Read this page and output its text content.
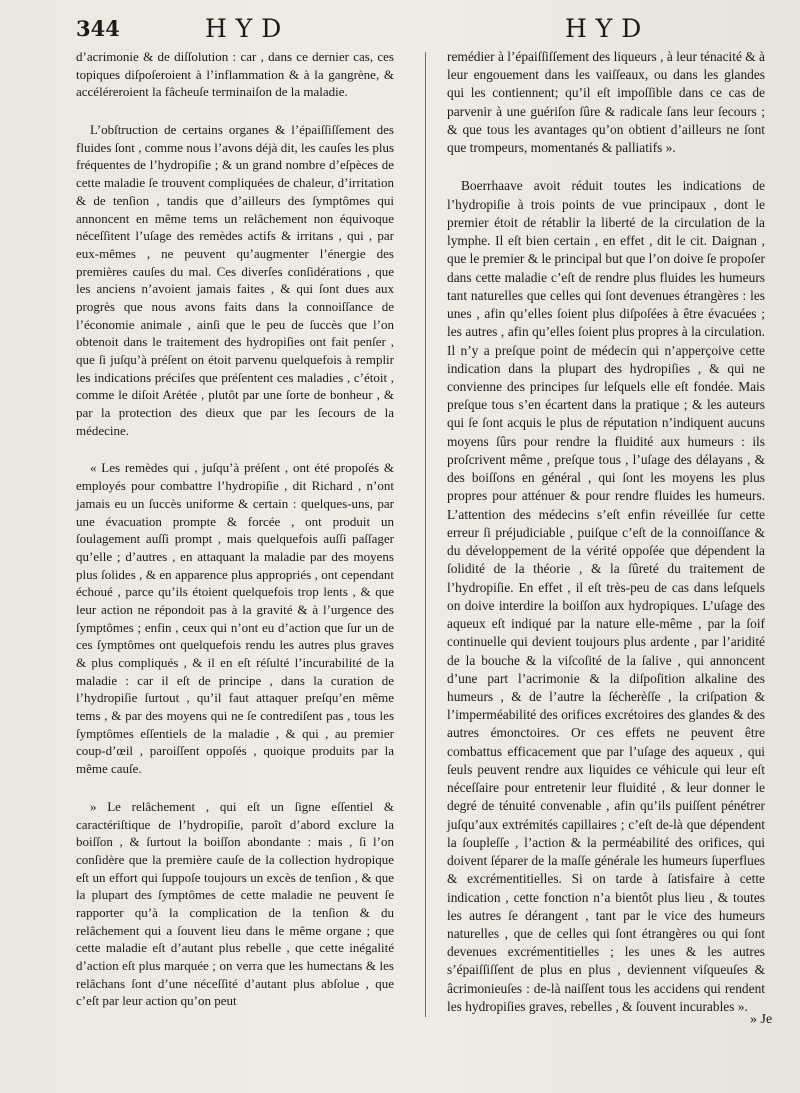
344	HYD	HYD

d’acrimonie & de diſſolution : car , dans ce dernier cas, ces topiques diſpoſeroient à l’inflammation & à la gangrène, & accéléreroient la fâcheuſe terminaiſon de la maladie.

L’obſtruction de certains organes & l’épaiſſiſſement des fluides ſont , comme nous l’avons déjà dit, les cauſes les plus fréquentes de l’hydropiſie ; & un grand nombre d’eſpèces de cette maladie ſe trouvent compliquées de chaleur, d’irritation & de tenſion , tandis que d’ailleurs des ſymptômes qui annoncent en même tems un relâchement non équivoque néceſſitent l’uſage des remèdes actifs & irritans , qui , par eux-mêmes , ne peuvent qu’augmenter l’énergie des premières cauſes du mal. Ces diverſes conſidérations , que les anciens n’avoient jamais faites , & qui ſont dues aux progrès que nous avons faits dans la connoiſſance de l’économie animale , ainſi que le peu de ſuccès que l’on obtenoit dans le traitement des hydropiſies ont fait penſer , que ſi juſqu’à préſent on étoit parvenu quelquefois à remplir les indications préciſes que préſentent ces maladies , c’étoit , comme le diſoit Arétée , plutôt par une ſorte de bonheur , & par la protection des dieux que par les ſecours de la médecine.

« Les remèdes qui , juſqu’à préſent , ont été propoſés & employés pour combattre l’hydropiſie , dit Richard , n’ont jamais eu un ſuccès uniforme & certain : quelques-uns, par une évacuation prompte & forcée , ont produit un ſoulagement auſſi prompt , mais quelquefois auſſi paſſager qu’elle ; d’autres , en attaquant la maladie par des moyens plus ſolides , & en apparence plus appropriés , ont cependant échoué , parce qu’ils étoient quelquefois trop lents , & que leur action ne répondoit pas à la gravité & à l’urgence des ſymptômes ; enfin , ceux qui n’ont eu d’action que ſur un de ces ſymptômes ont quelquefois rendu les autres plus graves & plus compliqués , & il en eſt réſulté l’incurabilité de la maladie : car il eſt de principe , dans la curation de l’hydropiſie ſurtout , qu’il faut attaquer preſqu’en même tems , & par des moyens qui ne ſe contrediſent pas , tous les ſymptômes eſſentiels de la maladie , & qui , au premier coup-d’œil , paroiſſent oppoſés , quoique produits par la même cauſe.

» Le relâchement , qui eſt un ſigne eſſentiel & caractériſtique de l’hydropiſie, paroît d’abord exclure la boiſſon , & ſurtout la boiſſon abondante : mais , ſi l’on conſidère que la première cauſe de la collection hydropique eſt un effort qui ſuppoſe toujours un excès de tenſion , & que la plupart des ſymptômes de cette maladie ne peuvent ſe rapporter qu’à la complication de la tenſion & du relâchement qui a ſouvent lieu dans le même organe ; que cette maladie eſt d’autant plus rebelle , que cette inégalité d’action eſt plus marquée ; on verra que les humectans & les relâchans ſont d’une néceſſité d’autant plus abſolue , que c’eſt par leur action qu’on peut

remédier à l’épaiſſiſſement des liqueurs , à leur ténacité & à leur engouement dans les vaiſſeaux, ou dans les glandes qui les contiennent; qu’il eſt impoſſible dans ce cas de parvenir à une guériſon ſûre & radicale ſans leur ſecours ; & que tous les avantages qu’on obtient d’ailleurs ne ſont que trompeurs, momentanés & palliatifs ».

Boerrhaave avoit réduit toutes les indications de l’hydropiſie à trois points de vue principaux , dont le premier étoit de rétablir la liberté de la circulation de la lymphe. Il eſt bien certain , en effet , dit le cit. Daignan , que le premier & le principal but que l’on doive ſe propoſer dans cette maladie c’eſt de rendre plus fluides les humeurs tant naturelles que celles qui ſont devenues étrangères : les unes , afin qu’elles ſoient plus diſpoſées à être évacuées ; les autres , afin qu’elles ſoient plus propres à la circulation. Il n’y a preſque point de médecin qui n’apperçoive cette indication dans la plupart des hydropiſies , & qui ne convienne des principes ſur leſquels elle eſt fondée. Mais preſque tous s’en écartent dans la pratique ; & les auteurs qui ſe ſont acquis le plus de réputation n’indiquent aucuns moyens ſûrs pour rendre la fluidité aux humeurs : ils proſcrivent même , preſque tous , l’uſage des délayans , & des boiſſons en général , qui ſont les moyens les plus propres pour atténuer & pour rendre fluides les humeurs. L’attention des médecins s’eſt enfin réveillée ſur cette erreur ſi préjudiciable , puiſque c’eſt de la connoiſſance & du développement de la vérité oppoſée que dépendent la ſolidité de la théorie , & la ſûreté du traitement de l’hydropiſie. En effet , il eſt très-peu de cas dans leſquels on doive interdire la boiſſon aux hydropiques. L’uſage des aqueux eſt indiqué par la nature elle-même , par la ſoif continuelle qui devient toujours plus ardente , par l’aridité de la bouche & la viſcoſité de la ſalive , qui annoncent d’une part l’acrimonie & la diſpoſition alkaline des humeurs , & de l’autre la ſécherèſſe , la criſpation & l’imperméabilité des orifices excrétoires des glandes & des autres émonctoires. Or ces effets ne peuvent être combattus efficacement que par l’uſage des aqueux , qui ſeuls peuvent rendre aux liquides ce véhicule qui leur eſt néceſſaire pour entretenir leur fluidité , & leur donner le degré de ténuité convenable , afin qu’ils puiſſent pénétrer juſqu’aux extrémités capillaires ; c’eſt de-là que dépendent la ſoupleſſe , l’action & la perméabilité des orifices, qui doivent ſéparer de la maſſe générale les humeurs ſuperflues & excrémentitielles. Si on tarde à ſatisfaire à cette indication , cette fonction n’a bientôt plus lieu , & toutes les autres ſe dérangent , tant par le vice des humeurs naturelles , que de celles qui ſont étrangères ou qui ſont devenues excrémentitielles ; les unes & les autres s’épaiſſiſſent de plus en plus , deviennent viſqueuſes & âcrimonieuſes : de-là naiſſent tous les accidens qui rendent les hydropiſies graves, rebelles , & ſouvent incurables ».

» Je
